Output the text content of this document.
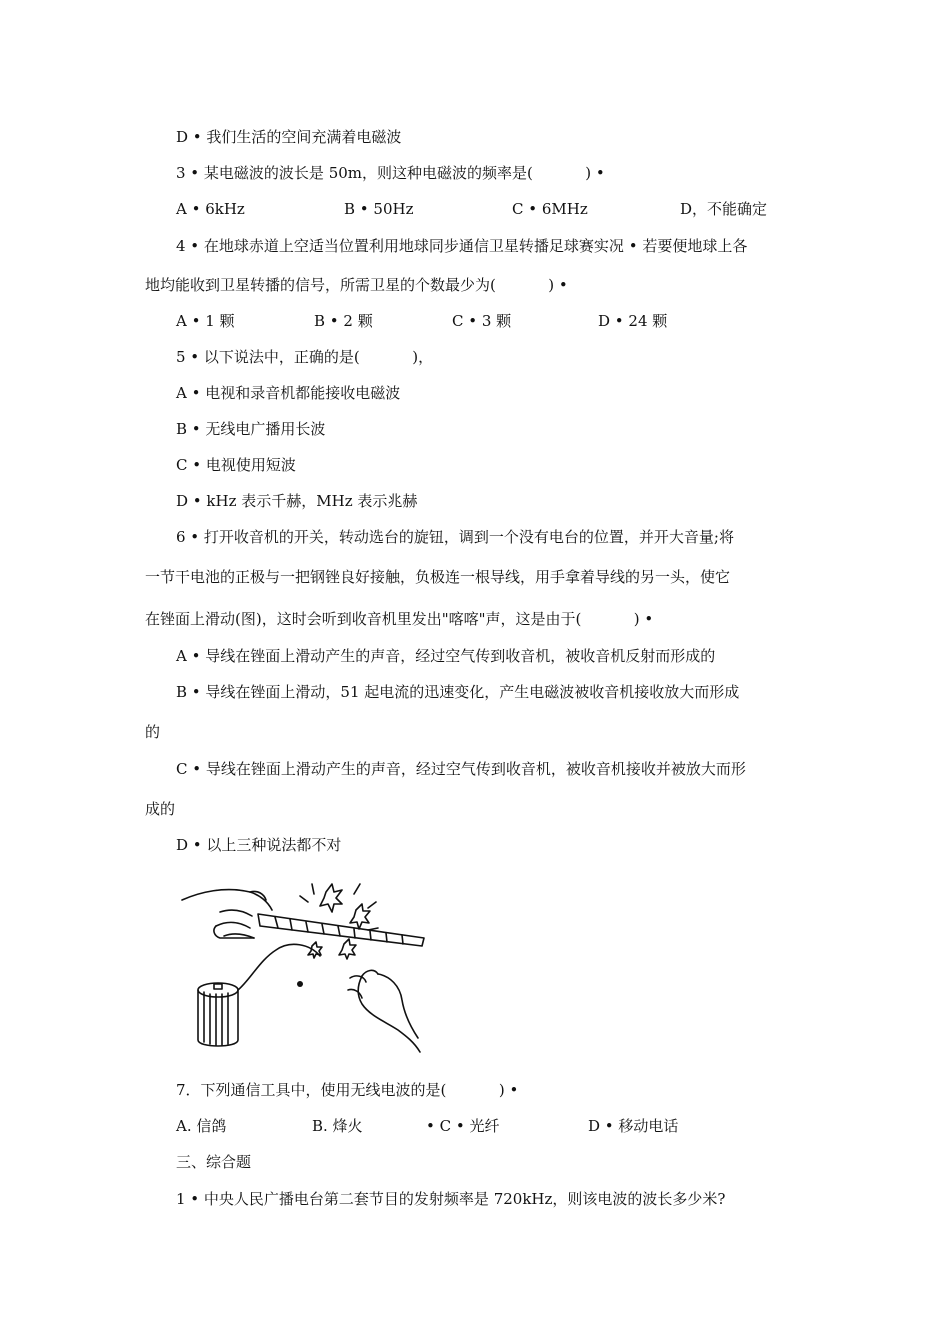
D • 我们生活的空间充满着电磁波
3 • 某电磁波的波长是 50m，则这种电磁波的频率是(           ) •
A • 6kHz	B • 50Hz	C • 6MHz	D，不能确定
4 • 在地球赤道上空适当位置利用地球同步通信卫星转播足球赛实况 • 若要便地球上各
地均能收到卫星转播的信号，所需卫星的个数最少为(           ) •
A • 1 颗	B • 2 颗	C • 3 颗	D • 24 颗
5 • 以下说法中，正确的是(           )，
A • 电视和录音机都能接收电磁波
B • 无线电广播用长波
C • 电视使用短波
D • kHz 表示千赫，MHz 表示兆赫
6 • 打开收音机的开关，转动选台的旋钮，调到一个没有电台的位置，并开大音量;将
一节干电池的正极与一把钢锉良好接触，负极连一根导线，用手拿着导线的另一头，使它
在锉面上滑动(图)，这时会听到收音机里发出"喀喀"声，这是由于(           ) •
A • 导线在锉面上滑动产生的声音，经过空气传到收音机，被收音机反射而形成的
B • 导线在锉面上滑动，51 起电流的迅速变化，产生电磁波被收音机接收放大而形成
的
C • 导线在锉面上滑动产生的声音，经过空气传到收音机，被收音机接收并被放大而形
成的
D • 以上三种说法都不对
7．下列通信工具中，使用无线电波的是(           ) •
A. 信鸽	B. 烽火	• C • 光纤	D • 移动电话
三、综合题
1 • 中央人民广播电台第二套节目的发射频率是 720kHz，则该电波的波长多少米?
